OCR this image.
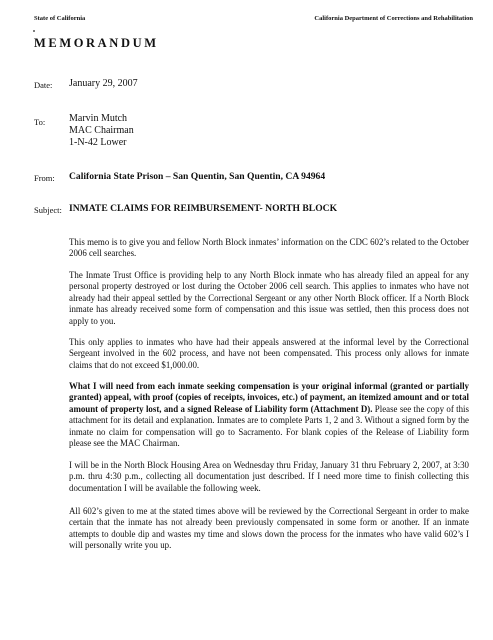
State of California	California Department of Corrections and Rehabilitation
MEMORANDUM
Date: January 29, 2007
To: Marvin Mutch
MAC Chairman
1-N-42 Lower
From: California State Prison – San Quentin, San Quentin, CA 94964
Subject: INMATE CLAIMS FOR REIMBURSEMENT- NORTH BLOCK

This memo is to give you and fellow North Block inmates’ information on the CDC 602’s related to the October 2006 cell searches.

The Inmate Trust Office is providing help to any North Block inmate who has already filed an appeal for any personal property destroyed or lost during the October 2006 cell search. This applies to inmates who have not already had their appeal settled by the Correctional Sergeant or any other North Block officer. If a North Block inmate has already received some form of compensation and this issue was settled, then this process does not apply to you.

This only applies to inmates who have had their appeals answered at the informal level by the Correctional Sergeant involved in the 602 process, and have not been compensated. This process only allows for inmate claims that do not exceed $1,000.00.

What I will need from each inmate seeking compensation is your original informal (granted or partially granted) appeal, with proof (copies of receipts, invoices, etc.) of payment, an itemized amount and or total amount of property lost, and a signed Release of Liability form (Attachment D). Please see the copy of this attachment for its detail and explanation. Inmates are to complete Parts 1, 2 and 3. Without a signed form by the inmate no claim for compensation will go to Sacramento. For blank copies of the Release of Liability form please see the MAC Chairman.

I will be in the North Block Housing Area on Wednesday thru Friday, January 31 thru February 2, 2007, at 3:30 p.m. thru 4:30 p.m., collecting all documentation just described. If I need more time to finish collecting this documentation I will be available the following week.

All 602’s given to me at the stated times above will be reviewed by the Correctional Sergeant in order to make certain that the inmate has not already been previously compensated in some form or another. If an inmate attempts to double dip and wastes my time and slows down the process for the inmates who have valid 602’s I will personally write you up.
